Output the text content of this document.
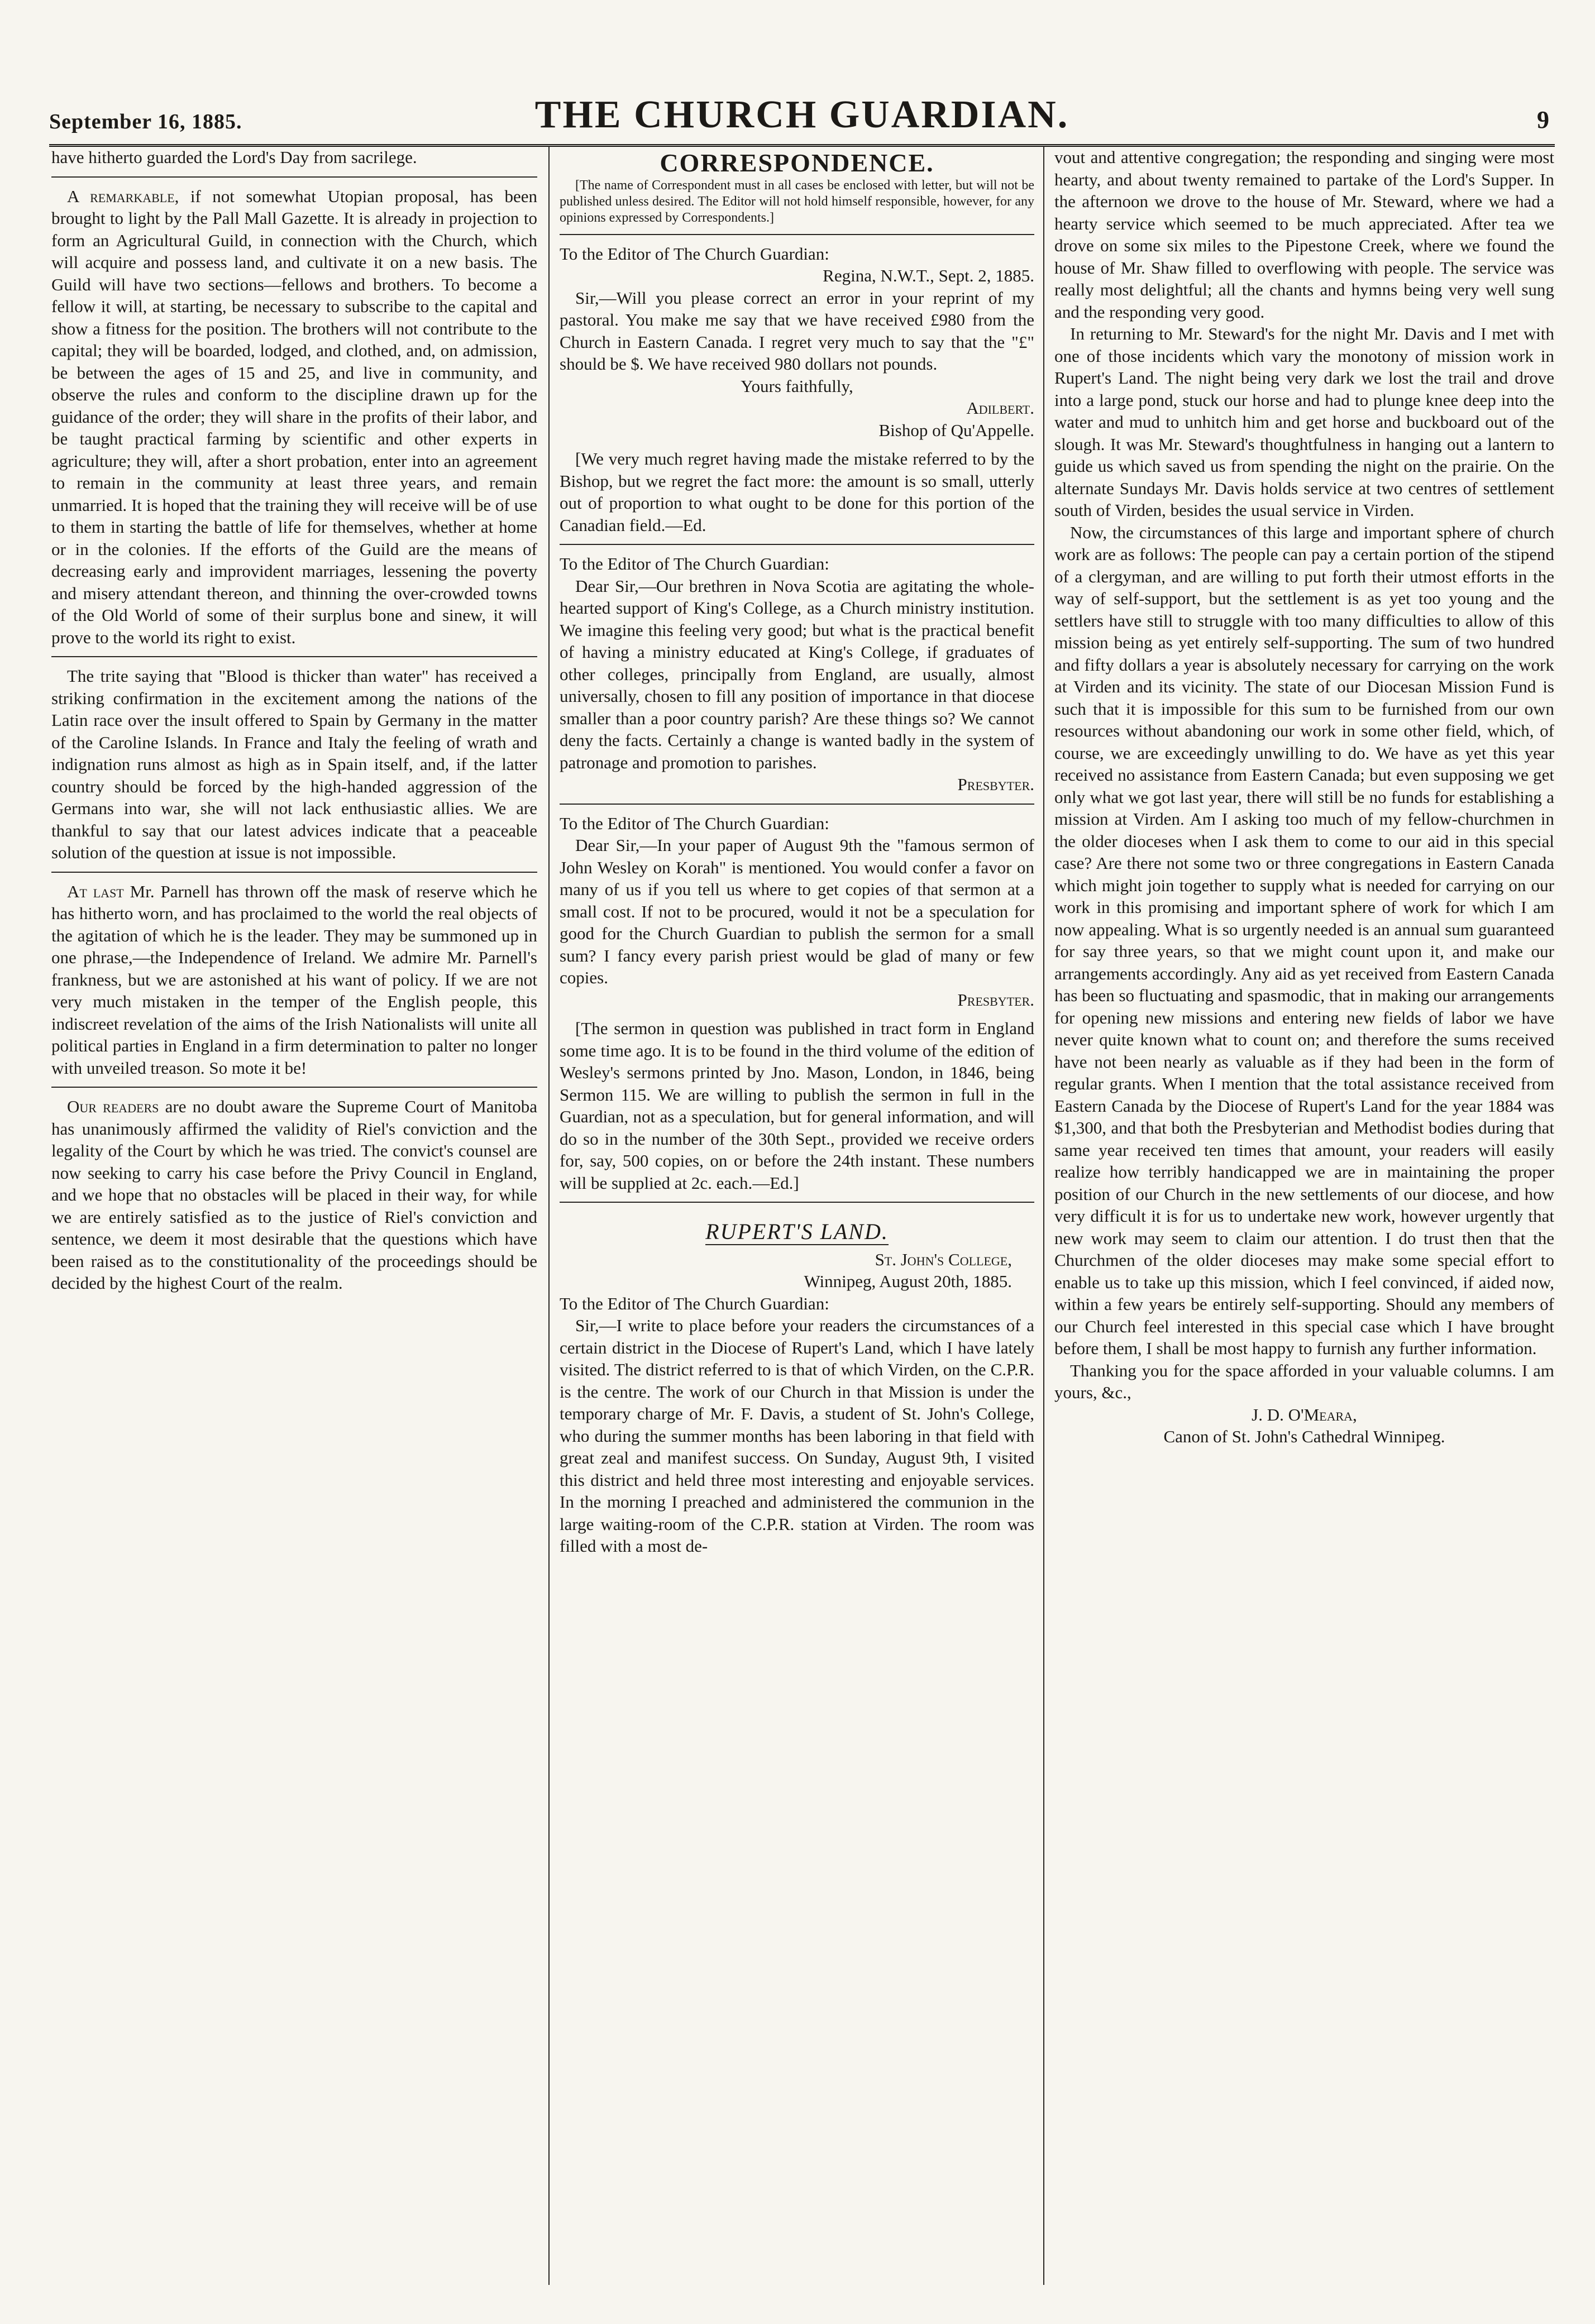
September 16, 1885.	THE CHURCH GUARDIAN.	9

have hitherto guarded the Lord's Day from sacrilege.

A remarkable, if not somewhat Utopian proposal, has been brought to light by the Pall Mall Gazette. It is already in projection to form an Agricultural Guild, in connection with the Church, which will acquire and possess land, and cultivate it on a new basis. The Guild will have two sections—fellows and brothers. To become a fellow it will, at starting, be necessary to subscribe to the capital and show a fitness for the position. The brothers will not contribute to the capital; they will be boarded, lodged, and clothed, and, on admission, be between the ages of 15 and 25, and live in community, and observe the rules and conform to the discipline drawn up for the guidance of the order; they will share in the profits of their labor, and be taught practical farming by scientific and other experts in agriculture; they will, after a short probation, enter into an agreement to remain in the community at least three years, and remain unmarried. It is hoped that the training they will receive will be of use to them in starting the battle of life for themselves, whether at home or in the colonies. If the efforts of the Guild are the means of decreasing early and improvident marriages, lessening the poverty and misery attendant thereon, and thinning the over-crowded towns of the Old World of some of their surplus bone and sinew, it will prove to the world its right to exist.

The trite saying that "Blood is thicker than water" has received a striking confirmation in the excitement among the nations of the Latin race over the insult offered to Spain by Germany in the matter of the Caroline Islands. In France and Italy the feeling of wrath and indignation runs almost as high as in Spain itself, and, if the latter country should be forced by the high-handed aggression of the Germans into war, she will not lack enthusiastic allies. We are thankful to say that our latest advices indicate that a peaceable solution of the question at issue is not impossible.

At last Mr. Parnell has thrown off the mask of reserve which he has hitherto worn, and has proclaimed to the world the real objects of the agitation of which he is the leader. They may be summoned up in one phrase,—the Independence of Ireland. We admire Mr. Parnell's frankness, but we are astonished at his want of policy. If we are not very much mistaken in the temper of the English people, this indiscreet revelation of the aims of the Irish Nationalists will unite all political parties in England in a firm determination to palter no longer with unveiled treason. So mote it be!

Our readers are no doubt aware the Supreme Court of Manitoba has unanimously affirmed the validity of Riel's conviction and the legality of the Court by which he was tried. The convict's counsel are now seeking to carry his case before the Privy Council in England, and we hope that no obstacles will be placed in their way, for while we are entirely satisfied as to the justice of Riel's conviction and sentence, we deem it most desirable that the questions which have been raised as to the constitutionality of the proceedings should be decided by the highest Court of the realm.

CORRESPONDENCE.

[The name of Correspondent must in all cases be enclosed with letter, but will not be published unless desired. The Editor will not hold himself responsible, however, for any opinions expressed by Correspondents.]

To the Editor of The Church Guardian:

Regina, N.W.T., Sept. 2, 1885.

Sir,—Will you please correct an error in your reprint of my pastoral. You make me say that we have received £980 from the Church in Eastern Canada. I regret very much to say that the "£" should be $. We have received 980 dollars not pounds.

Yours faithfully,

Adilbert.

Bishop of Qu'Appelle.

[We very much regret having made the mistake referred to by the Bishop, but we regret the fact more: the amount is so small, utterly out of proportion to what ought to be done for this portion of the Canadian field.—Ed.

To the Editor of The Church Guardian:

Dear Sir,—Our brethren in Nova Scotia are agitating the whole-hearted support of King's College, as a Church ministry institution. We imagine this feeling very good; but what is the practical benefit of having a ministry educated at King's College, if graduates of other colleges, principally from England, are usually, almost universally, chosen to fill any position of importance in that diocese smaller than a poor country parish? Are these things so? We cannot deny the facts. Certainly a change is wanted badly in the system of patronage and promotion to parishes.

Presbyter.

To the Editor of The Church Guardian:

Dear Sir,—In your paper of August 9th the "famous sermon of John Wesley on Korah" is mentioned. You would confer a favor on many of us if you tell us where to get copies of that sermon at a small cost. If not to be procured, would it not be a speculation for good for the Church Guardian to publish the sermon for a small sum? I fancy every parish priest would be glad of many or few copies.

Presbyter.

[The sermon in question was published in tract form in England some time ago. It is to be found in the third volume of the edition of Wesley's sermons printed by Jno. Mason, London, in 1846, being Sermon 115. We are willing to publish the sermon in full in the Guardian, not as a speculation, but for general information, and will do so in the number of the 30th Sept., provided we receive orders for, say, 500 copies, on or before the 24th instant. These numbers will be supplied at 2c. each.—Ed.]

RUPERT'S LAND.

St. John's College,

Winnipeg, August 20th, 1885.

To the Editor of The Church Guardian:

Sir,—I write to place before your readers the circumstances of a certain district in the Diocese of Rupert's Land, which I have lately visited. The district referred to is that of which Virden, on the C.P.R. is the centre. The work of our Church in that Mission is under the temporary charge of Mr. F. Davis, a student of St. John's College, who during the summer months has been laboring in that field with great zeal and manifest success. On Sunday, August 9th, I visited this district and held three most interesting and enjoyable services. In the morning I preached and administered the communion in the large waiting-room of the C.P.R. station at Virden. The room was filled with a most de-

vout and attentive congregation; the responding and singing were most hearty, and about twenty remained to partake of the Lord's Supper. In the afternoon we drove to the house of Mr. Steward, where we had a hearty service which seemed to be much appreciated. After tea we drove on some six miles to the Pipestone Creek, where we found the house of Mr. Shaw filled to overflowing with people. The service was really most delightful; all the chants and hymns being very well sung and the responding very good.

In returning to Mr. Steward's for the night Mr. Davis and I met with one of those incidents which vary the monotony of mission work in Rupert's Land. The night being very dark we lost the trail and drove into a large pond, stuck our horse and had to plunge knee deep into the water and mud to unhitch him and get horse and buckboard out of the slough. It was Mr. Steward's thoughtfulness in hanging out a lantern to guide us which saved us from spending the night on the prairie. On the alternate Sundays Mr. Davis holds service at two centres of settlement south of Virden, besides the usual service in Virden.

Now, the circumstances of this large and important sphere of church work are as follows: The people can pay a certain portion of the stipend of a clergyman, and are willing to put forth their utmost efforts in the way of self-support, but the settlement is as yet too young and the settlers have still to struggle with too many difficulties to allow of this mission being as yet entirely self-supporting. The sum of two hundred and fifty dollars a year is absolutely necessary for carrying on the work at Virden and its vicinity. The state of our Diocesan Mission Fund is such that it is impossible for this sum to be furnished from our own resources without abandoning our work in some other field, which, of course, we are exceedingly unwilling to do. We have as yet this year received no assistance from Eastern Canada; but even supposing we get only what we got last year, there will still be no funds for establishing a mission at Virden. Am I asking too much of my fellow-churchmen in the older dioceses when I ask them to come to our aid in this special case? Are there not some two or three congregations in Eastern Canada which might join together to supply what is needed for carrying on our work in this promising and important sphere of work for which I am now appealing. What is so urgently needed is an annual sum guaranteed for say three years, so that we might count upon it, and make our arrangements accordingly. Any aid as yet received from Eastern Canada has been so fluctuating and spasmodic, that in making our arrangements for opening new missions and entering new fields of labor we have never quite known what to count on; and therefore the sums received have not been nearly as valuable as if they had been in the form of regular grants. When I mention that the total assistance received from Eastern Canada by the Diocese of Rupert's Land for the year 1884 was $1,300, and that both the Presbyterian and Methodist bodies during that same year received ten times that amount, your readers will easily realize how terribly handicapped we are in maintaining the proper position of our Church in the new settlements of our diocese, and how very difficult it is for us to undertake new work, however urgently that new work may seem to claim our attention. I do trust then that the Churchmen of the older dioceses may make some special effort to enable us to take up this mission, which I feel convinced, if aided now, within a few years be entirely self-supporting. Should any members of our Church feel interested in this special case which I have brought before them, I shall be most happy to furnish any further information.

Thanking you for the space afforded in your valuable columns. I am yours, &c.,

J. D. O'Meara,

Canon of St. John's Cathedral Winnipeg.
